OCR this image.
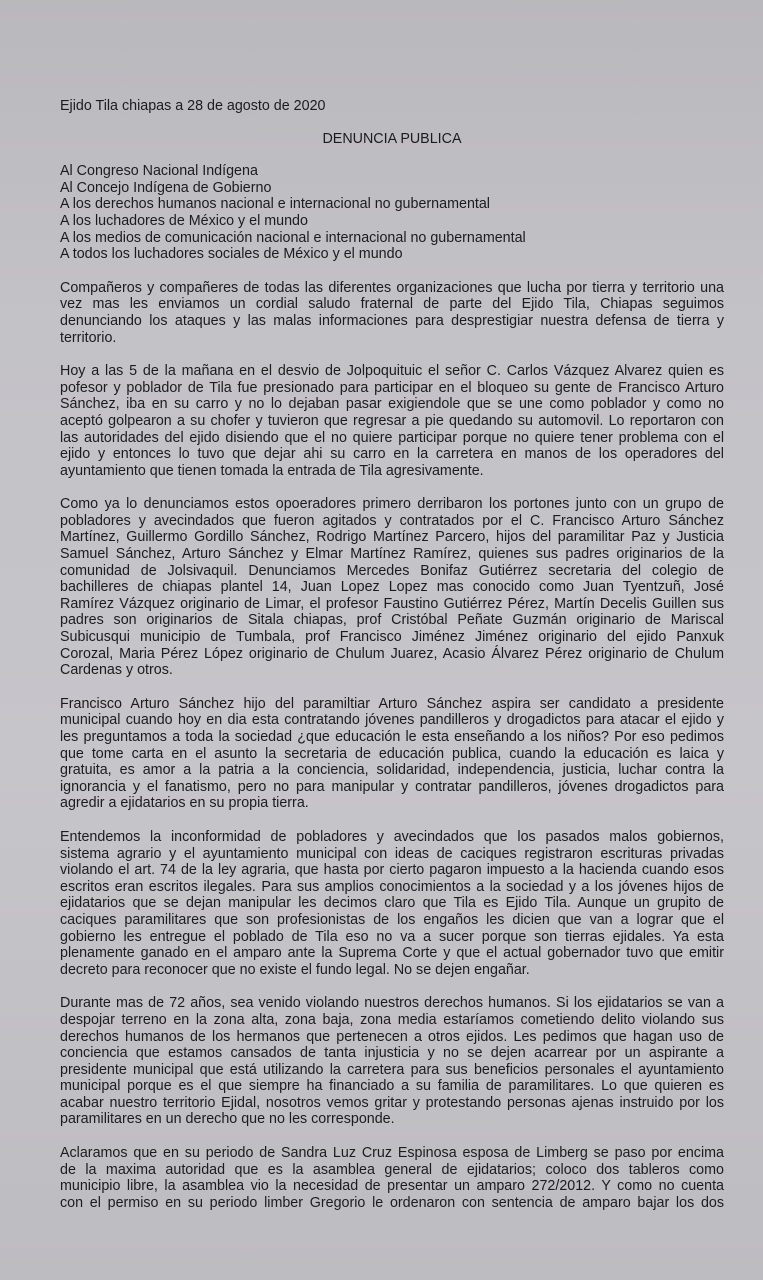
Ejido Tila chiapas a 28 de agosto de 2020
DENUNCIA PUBLICA
Al Congreso Nacional Indígena
Al Concejo Indígena de Gobierno
A los derechos humanos nacional e internacional no gubernamental
A los luchadores de México y el mundo
A los medios de comunicación nacional e internacional no gubernamental
A todos los luchadores sociales de México y el mundo
Compañeros y compañeres de todas las diferentes organizaciones que lucha por tierra y territorio una
vez mas les enviamos un cordial saludo fraternal de parte del Ejido Tila, Chiapas seguimos
denunciando los ataques y las malas informaciones para desprestigiar nuestra defensa de tierra y
territorio.
Hoy a las 5 de la mañana en el desvio de Jolpoquituic el señor C. Carlos Vázquez Alvarez quien es
pofesor y poblador de Tila fue presionado para participar en el bloqueo su gente de Francisco Arturo
Sánchez, iba en su carro y no lo dejaban pasar exigiendole que se une como poblador y como no
aceptó golpearon a su chofer y tuvieron que regresar a pie quedando su automovil. Lo reportaron con
las autoridades del ejido disiendo que el no quiere participar porque no quiere tener problema con el
ejido y entonces lo tuvo que dejar ahi su carro en la carretera en manos de los operadores del
ayuntamiento que tienen tomada la entrada de Tila agresivamente.
Como ya lo denunciamos estos opoeradores primero derribaron los portones junto con un grupo de
pobladores y avecindados que fueron agitados y contratados por el C. Francisco Arturo Sánchez
Martínez, Guillermo Gordillo Sánchez, Rodrigo Martínez Parcero, hijos del paramilitar Paz y Justicia
Samuel Sánchez, Arturo Sánchez y Elmar Martínez Ramírez, quienes sus padres originarios de la
comunidad de Jolsivaquil. Denunciamos Mercedes Bonifaz Gutiérrez secretaria del colegio de
bachilleres de chiapas plantel 14, Juan Lopez Lopez mas conocido como Juan Tyentzuñ, José
Ramírez Vázquez originario de Limar, el profesor Faustino Gutiérrez Pérez, Martín Decelis Guillen sus
padres son originarios de Sitala chiapas, prof Cristóbal Peñate Guzmán originario de Mariscal
Subicusqui municipio de Tumbala, prof Francisco Jiménez Jiménez originario del ejido Panxuk
Corozal, Maria Pérez López originario de Chulum Juarez, Acasio Álvarez Pérez originario de Chulum
Cardenas y otros.
Francisco Arturo Sánchez hijo del paramiltiar Arturo Sánchez aspira ser candidato a presidente
municipal cuando hoy en dia esta contratando jóvenes pandilleros y drogadictos para atacar el ejido y
les preguntamos a toda la sociedad ¿que educación le esta enseñando a los niños? Por eso pedimos
que tome carta en el asunto la secretaria de educación publica, cuando la educación es laica y
gratuita, es amor a la patria a la conciencia, solidaridad, independencia, justicia, luchar contra la
ignorancia y el fanatismo, pero no para manipular y contratar pandilleros, jóvenes drogadictos para
agredir a ejidatarios en su propia tierra.
Entendemos la inconformidad de pobladores y avecindados que los pasados malos gobiernos,
sistema agrario y el ayuntamiento municipal con ideas de caciques registraron escrituras privadas
violando el art. 74 de la ley agraria, que hasta por cierto pagaron impuesto a la hacienda cuando esos
escritos eran escritos ilegales. Para sus amplios conocimientos a la sociedad y a los jóvenes hijos de
ejidatarios que se dejan manipular les decimos claro que Tila es Ejido Tila. Aunque un grupito de
caciques paramilitares que son profesionistas de los engaños les dicien que van a lograr que el
gobierno les entregue el poblado de Tila eso no va a sucer porque son tierras ejidales. Ya esta
plenamente ganado en el amparo ante la Suprema Corte y que el actual gobernador tuvo que emitir
decreto para reconocer que no existe el fundo legal. No se dejen engañar.
Durante mas de 72 años, sea venido violando nuestros derechos humanos. Si los ejidatarios se van a
despojar terreno en la zona alta, zona baja, zona media estaríamos cometiendo delito violando sus
derechos humanos de los hermanos que pertenecen a otros ejidos. Les pedimos que hagan uso de
conciencia que estamos cansados de tanta injusticia y no se dejen acarrear por un aspirante a
presidente municipal que está utilizando la carretera para sus beneficios personales el ayuntamiento
municipal porque es el que siempre ha financiado a su familia de paramilitares. Lo que quieren es
acabar nuestro territorio Ejidal, nosotros vemos gritar y protestando personas ajenas instruido por los
paramilitares en un derecho que no les corresponde.
Aclaramos que en su periodo de Sandra Luz Cruz Espinosa esposa de Limberg se paso por encima
de la maxima autoridad que es la asamblea general de ejidatarios; coloco dos tableros como
municipio libre, la asamblea vio la necesidad de presentar un amparo 272/2012. Y como no cuenta
con el permiso en su periodo limber Gregorio le ordenaron con sentencia de amparo bajar los dos
